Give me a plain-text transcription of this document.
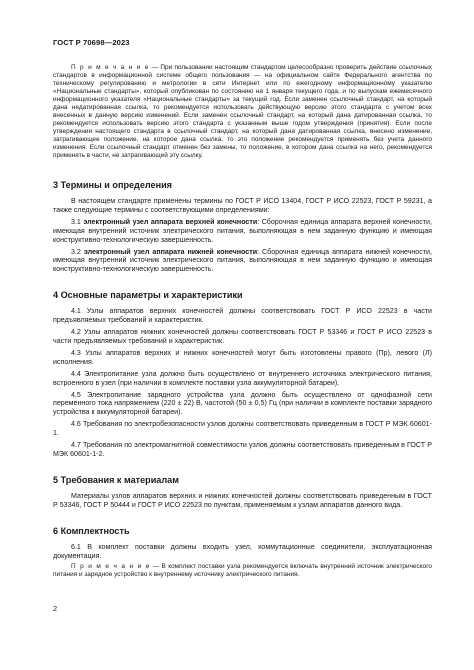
ГОСТ Р 70698—2023

П р и м е ч а н и е — При пользовании настоящим стандартом целесообразно проверить действие ссылочных стандартов в информационной системе общего пользования — на официальном сайте Федерального агентства по техническому регулированию и метрологии в сети Интернет или по ежегодному информационному указателю «Национальные стандарты», который опубликован по состоянию на 1 января текущего года, и по выпускам ежемесячного информационного указателя «Национальные стандарты» за текущий год. Если заменен ссылочный стандарт, на который дана недатированная ссылка, то рекомендуется использовать действующую версию этого стандарта с учетом всех внесенных в данную версию изменений. Если заменен ссылочный стандарт, на который дана датированная ссылка, то рекомендуется использовать версию этого стандарта с указанным выше годом утверждения (принятия). Если после утверждения настоящего стандарта в ссылочный стандарт, на который дана датированная ссылка, внесено изменение, затрагивающее положение, на которое дана ссылка, то это положение рекомендуется применять без учета данного изменения. Если ссылочный стандарт отменен без замены, то положение, в котором дана ссылка на него, рекомендуется применять в части, не затрагивающей эту ссылку.

3 Термины и определения

В настоящем стандарте применены термины по ГОСТ Р ИСО 13404, ГОСТ Р ИСО 22523, ГОСТ Р 59231, а также следующие термины с соответствующими определениями:

3.1 электронный узел аппарата верхней конечности: Сборочная единица аппарата верхней конечности, имеющая внутренний источник электрического питания, выполняющая в нем заданную функцию и имеющая конструктивно-технологическую завершенность.

3.2 электронный узел аппарата нижней конечности: Сборочная единица аппарата нижней конечности, имеющая внутренний источник электрического питания, выполняющая в нем заданную функцию и имеющая конструктивно-технологическую завершенность.

4 Основные параметры и характеристики

4.1 Узлы аппаратов верхних конечностей должны соответствовать ГОСТ Р ИСО 22523 в части предъявляемых требований и характеристик.

4.2 Узлы аппаратов нижних конечностей должны соответствовать ГОСТ Р 53346 и ГОСТ Р ИСО 22523 в части предъявляемых требований и характеристик.

4.3 Узлы аппаратов верхних и нижних конечностей могут быть изготовлены правого (Пр), левого (Л) исполнения.

4.4 Электропитание узла должно быть осуществлено от внутреннего источника электрического питания, встроенного в узел (при наличии в комплекте поставки узла аккумуляторной батареи).

4.5 Электропитание зарядного устройства узла должно быть осуществлено от однофазной сети переменного тока напряжением (220 ± 22) В, частотой (50 ± 0,5) Гц (при наличии в комплекте поставки зарядного устройства к аккумуляторной батареи).

4.6 Требования по электробезопасности узлов должны соответствовать приведенным в ГОСТ Р МЭК 60601-1.

4.7 Требования по электромагнитной совместимости узлов должны соответствовать приведенным в ГОСТ Р МЭК 60601-1-2.

5 Требования к материалам

Материалы узлов аппаратов верхних и нижних конечностей должны соответствовать приведенным в ГОСТ Р 53346, ГОСТ Р 50444 и ГОСТ Р ИСО 22523 по пунктам, применяемым к узлам аппаратов данного вида.

6 Комплектность

6.1 В комплект поставки должны входить узел, коммутационные соединители, эксплуатационная документация.

П р и м е ч а н и е — В комплект поставки узла рекомендуется включать внутренний источник электрического питания и зарядное устройство к внутреннему источнику электрического питания.

2
